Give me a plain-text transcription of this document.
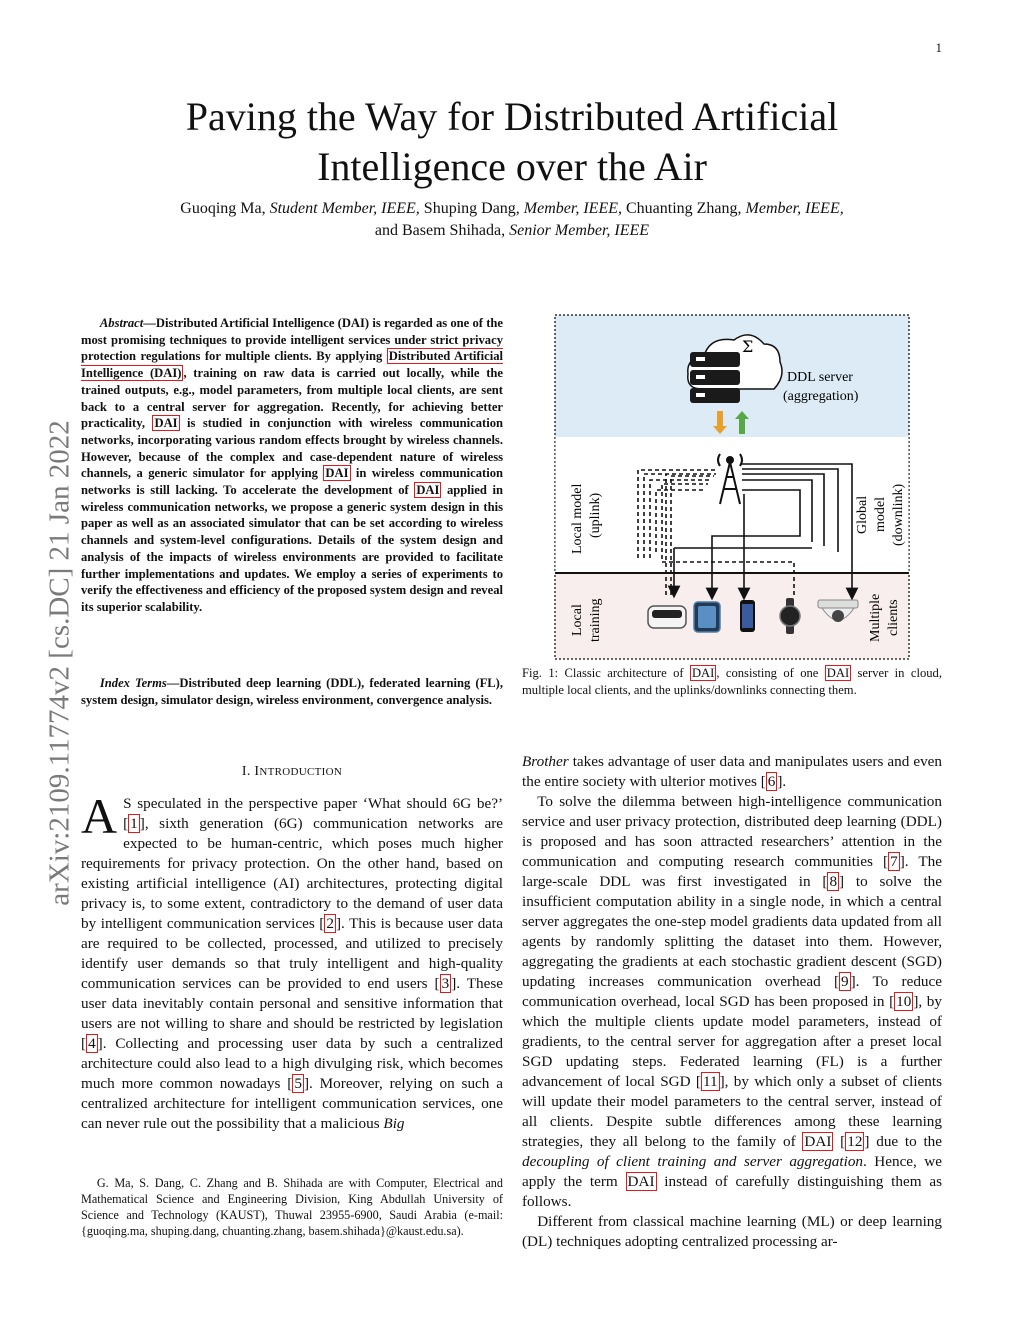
1
arXiv:2109.11774v2 [cs.DC] 21 Jan 2022
Paving the Way for Distributed Artificial
Intelligence over the Air
Guoqing Ma, Student Member, IEEE, Shuping Dang, Member, IEEE, Chuanting Zhang, Member, IEEE,
and Basem Shihada, Senior Member, IEEE

Abstract—Distributed Artificial Intelligence (DAI) is regarded as one of the most promising techniques to provide intelligent services under strict privacy protection regulations for multiple clients. By applying Distributed Artificial Intelligence (DAI) , training on raw data is carried out locally, while the trained outputs, e.g., model parameters, from multiple local clients, are sent back to a central server for aggregation. Recently, for achieving better practicality, DAI is studied in conjunction with wireless communication networks, incorporating various random effects brought by wireless channels. However, because of the complex and case-dependent nature of wireless channels, a generic simulator for applying DAI in wireless communication networks is still lacking. To accelerate the development of DAI applied in wireless communication networks, we propose a generic system design in this paper as well as an associated simulator that can be set according to wireless channels and system-level configurations. Details of the system design and analysis of the impacts of wireless environments are provided to facilitate further implementations and updates. We employ a series of experiments to verify the effectiveness and efficiency of the proposed system design and reveal its superior scalability.

Index Terms—Distributed deep learning (DDL), federated learning (FL), system design, simulator design, wireless environment, convergence analysis.
I. INTRODUCTION
A S speculated in the perspective paper ‘What should 6G be?’ [ 1 ], sixth generation (6G) communication networks are expected to be human-centric, which poses much higher requirements for privacy protection. On the other hand, based on existing artificial intelligence (AI) architectures, protecting digital privacy is, to some extent, contradictory to the demand of user data by intelligent communication services [ 2 ]. This is because user data are required to be collected, processed, and utilized to precisely identify user demands so that truly intelligent and high-quality communication services can be provided to end users [ 3 ]. These user data inevitably contain personal and sensitive information that users are not willing to share and should be restricted by legislation [ 4 ]. Collecting and processing user data by such a centralized architecture could also lead to a high divulging risk, which becomes much more common nowadays [ 5 ]. Moreover, relying on such a centralized architecture for intelligent communication services, one can never rule out the possibility that a malicious Big
G. Ma, S. Dang, C. Zhang and B. Shihada are with Computer, Electrical and Mathematical Science and Engineering Division, King Abdullah University of Science and Technology (KAUST), Thuwal 23955-6900, Saudi Arabia (e-mail: {guoqing.ma, shuping.dang, chuanting.zhang, basem.shihada}@kaust.edu.sa).
Σ
DDL server
(aggregation)
Local model (uplink)	Global model (downlink)
Local training	Multiple clients
Fig. 1: Classic architecture of DAI , consisting of one DAI server in cloud, multiple local clients, and the uplinks/downlinks connecting them.

Brother takes advantage of user data and manipulates users and even the entire society with ulterior motives [ 6 ].

To solve the dilemma between high-intelligence communication service and user privacy protection, distributed deep learning (DDL) is proposed and has soon attracted researchers’ attention in the communication and computing research communities [ 7 ]. The large-scale DDL was first investigated in [ 8 ] to solve the insufficient computation ability in a single node, in which a central server aggregates the one-step model gradients data updated from all agents by randomly splitting the dataset into them. However, aggregating the gradients at each stochastic gradient descent (SGD) updating increases communication overhead [ 9 ]. To reduce communication overhead, local SGD has been proposed in [ 10 ], by which the multiple clients update model parameters, instead of gradients, to the central server for aggregation after a preset local SGD updating steps. Federated learning (FL) is a further advancement of local SGD [ 11 ], by which only a subset of clients will update their model parameters to the central server, instead of all clients. Despite subtle differences among these learning strategies, they all belong to the family of DAI [ 12 ] due to the decoupling of client training and server aggregation. Hence, we apply the term DAI instead of carefully distinguishing them as follows.

Different from classical machine learning (ML) or deep learning (DL) techniques adopting centralized processing ar-
